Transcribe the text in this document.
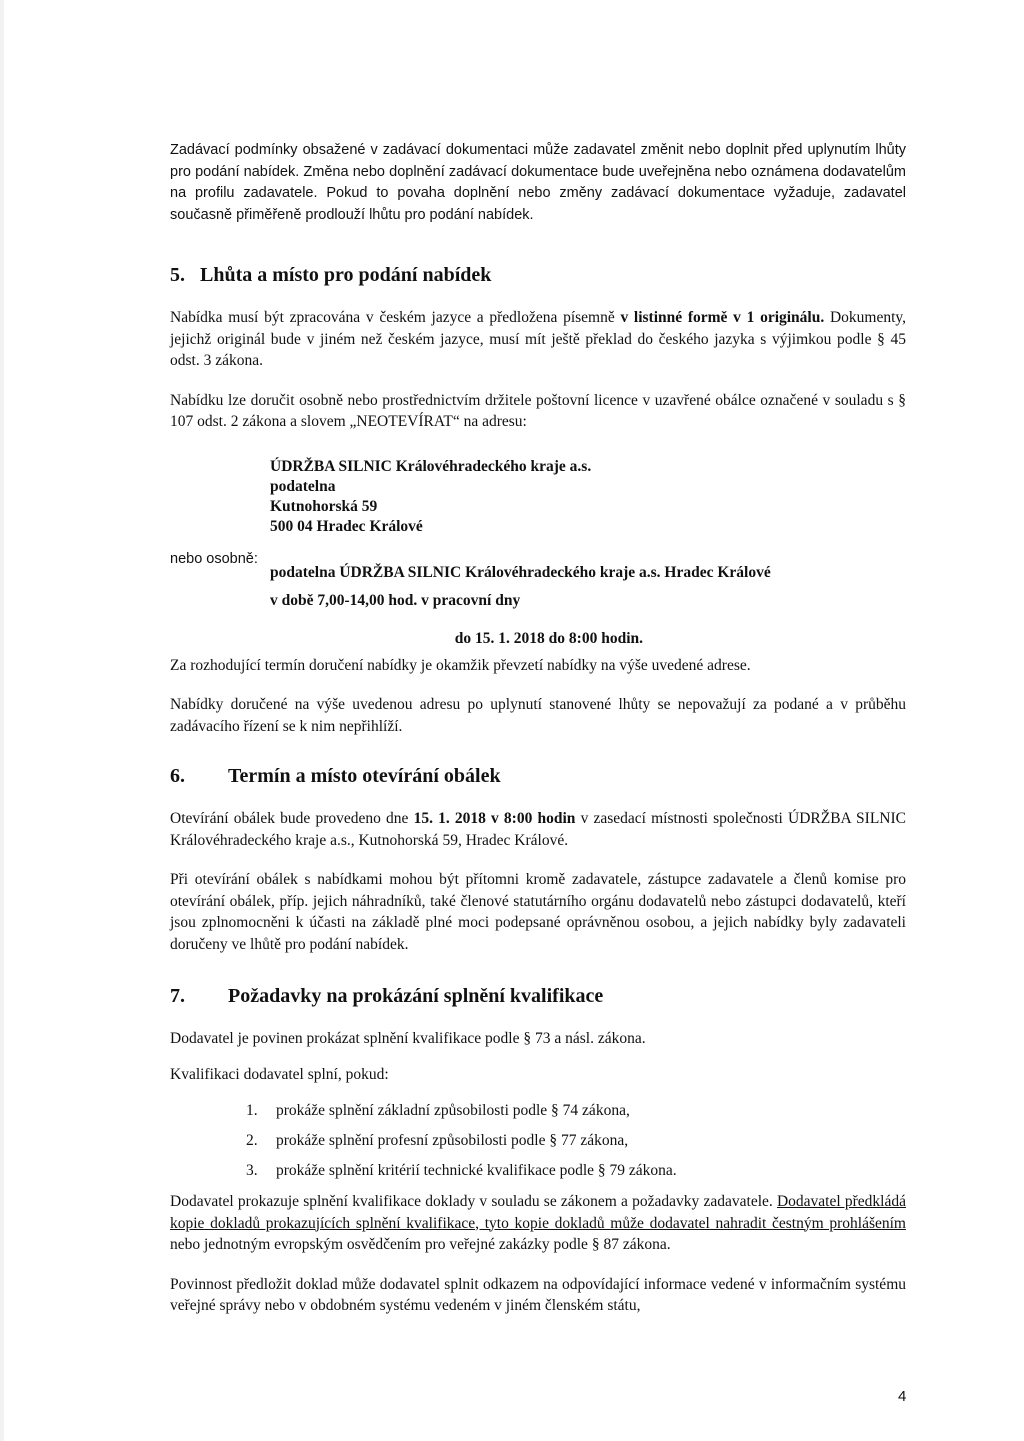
Zadávací podmínky obsažené v zadávací dokumentaci může zadavatel změnit nebo doplnit před uplynutím lhůty pro podání nabídek. Změna nebo doplnění zadávací dokumentace bude uveřejněna nebo oznámena dodavatelům na profilu zadavatele. Pokud to povaha doplnění nebo změny zadávací dokumentace vyžaduje, zadavatel současně přiměřeně prodlouží lhůtu pro podání nabídek.

5. Lhůta a místo pro podání nabídek

Nabídka musí být zpracována v českém jazyce a předložena písemně v listinné formě v 1 originálu. Dokumenty, jejichž originál bude v jiném než českém jazyce, musí mít ještě překlad do českého jazyka s výjimkou podle § 45 odst. 3 zákona.

Nabídku lze doručit osobně nebo prostřednictvím držitele poštovní licence v uzavřené obálce označené v souladu s § 107 odst. 2 zákona a slovem „NEOTEVÍRAT“ na adresu:

nebo osobně:
ÚDRŽBA SILNIC Královéhradeckého kraje a.s.
podatelna
Kutnohorská 59
500 04 Hradec Králové
podatelna ÚDRŽBA SILNIC Královéhradeckého kraje a.s. Hradec Králové
v době 7,00-14,00 hod. v pracovní dny
do 15. 1. 2018 do 8:00 hodin.

Za rozhodující termín doručení nabídky je okamžik převzetí nabídky na výše uvedené adrese.

Nabídky doručené na výše uvedenou adresu po uplynutí stanovené lhůty se nepovažují za podané a v průběhu zadávacího řízení se k nim nepřihlíží.

6.	Termín a místo otevírání obálek

Otevírání obálek bude provedeno dne 15. 1. 2018 v 8:00 hodin v zasedací místnosti společnosti ÚDRŽBA SILNIC Královéhradeckého kraje a.s., Kutnohorská 59, Hradec Králové.

Při otevírání obálek s nabídkami mohou být přítomni kromě zadavatele, zástupce zadavatele a členů komise pro otevírání obálek, příp. jejich náhradníků, také členové statutárního orgánu dodavatelů nebo zástupci dodavatelů, kteří jsou zplnomocněni k účasti na základě plné moci podepsané oprávněnou osobou, a jejich nabídky byly zadavateli doručeny ve lhůtě pro podání nabídek.

7.	Požadavky na prokázání splnění kvalifikace

Dodavatel je povinen prokázat splnění kvalifikace podle § 73 a násl. zákona.

Kvalifikaci dodavatel splní, pokud:

1.	prokáže splnění základní způsobilosti podle § 74 zákona,
2.	prokáže splnění profesní způsobilosti podle § 77 zákona,
3.	prokáže splnění kritérií technické kvalifikace podle § 79 zákona.

Dodavatel prokazuje splnění kvalifikace doklady v souladu se zákonem a požadavky zadavatele. Dodavatel předkládá kopie dokladů prokazujících splnění kvalifikace, tyto kopie dokladů může dodavatel nahradit čestným prohlášením nebo jednotným evropským osvědčením pro veřejné zakázky podle § 87 zákona.

Povinnost předložit doklad může dodavatel splnit odkazem na odpovídající informace vedené v informačním systému veřejné správy nebo v obdobném systému vedeném v jiném členském státu,

4
